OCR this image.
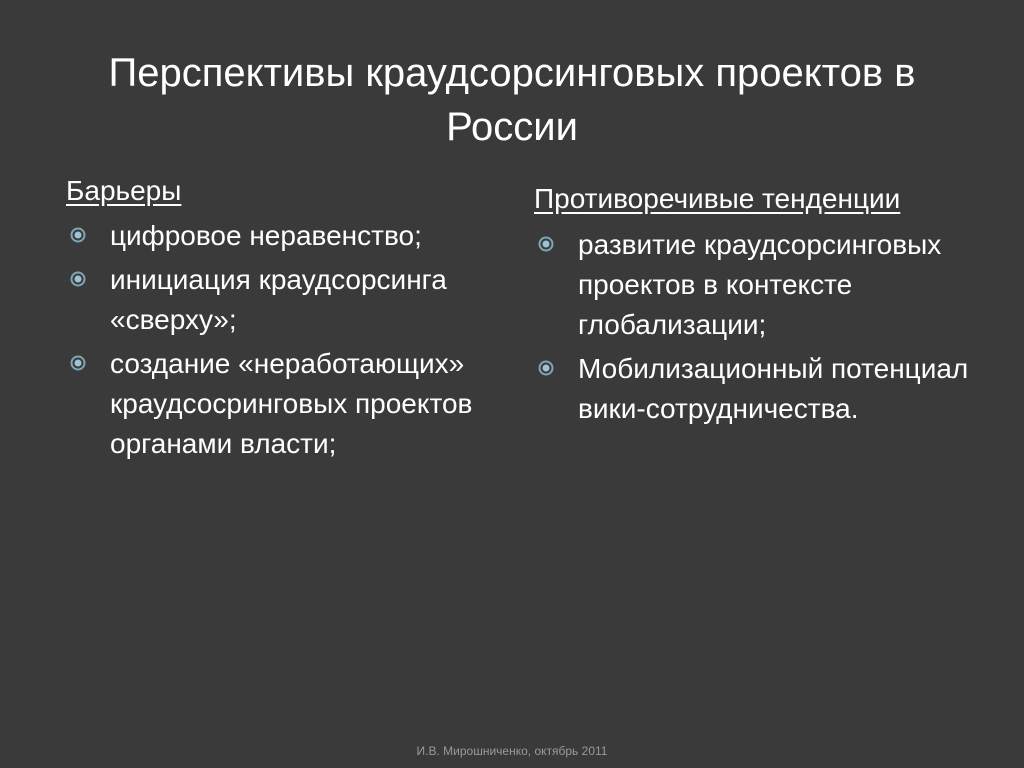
Перспективы краудсорсинговых проектов в
России

Барьеры

цифровое неравенство;
инициация краудсорсинга «сверху»;
создание «неработающих» краудсосринговых проектов органами власти;

Противоречивые тенденции

развитие краудсорсинговых проектов в контексте глобализации;
Мобилизационный потенциал вики-сотрудничества.
И.В. Мирошниченко, октябрь 2011
